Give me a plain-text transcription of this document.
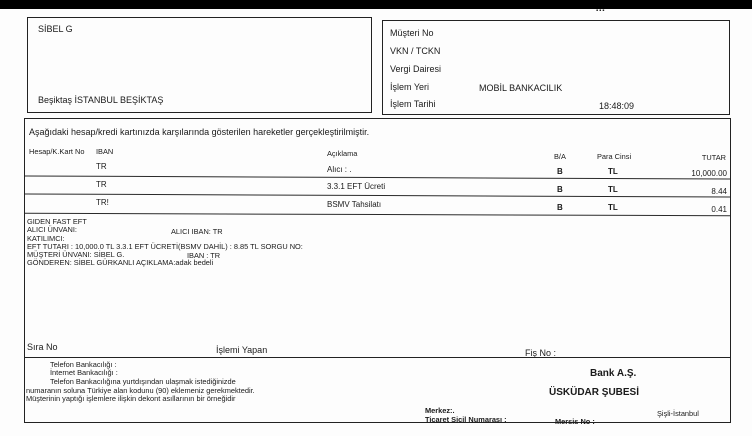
▪▪▪
SİBEL G
Beşiktaş İSTANBUL BEŞİKTAŞ
Müşteri No
VKN / TCKN
Vergi Dairesi
İşlem Yeri	MOBİL BANKACILIK
İşlem Tarihi	18:48:09
Aşağıdaki hesap/kredi kartınızda karşılarında gösterilen hareketler gerçekleştirilmiştir.
Hesap/K.Kart No IBAN	Açıklama	B/A	Para Cinsi	TUTAR
TR	Alıcı : .	B	TL	10,000.00
TR	3.3.1 EFT Ücreti	B	TL	8.44
TR!	BSMV Tahsilatı	B	TL	0.41
GIDEN FAST EFT
ALICI ÜNVANI:	ALICI IBAN: TR
KATILIMCI:
EFT TUTARI : 10,000.0 TL 3.3.1 EFT ÜCRETİ(BSMV DAHİL) : 8.85 TL SORGU NO:
MÜŞTERİ ÜNVANI: SİBEL G.	IBAN : TR
GÖNDEREN: SİBEL GÜRKANLI AÇIKLAMA:adak bedeli
Sıra No	İşlemi Yapan	Fiş No :
Telefon Bankacılığı :
İnternet Bankacılığı :
Telefon Bankacılığına yurtdışından ulaşmak istediğinizde
numaranın soluna Türkiye alan kodunu (90) eklemeniz gerekmektedir.
Müşterinin yaptığı işlemlere ilişkin dekont asıllarının bir örneğidir
Bank A.Ş.
ÜSKÜDAR ŞUBESİ
Merkez:.
Ticaret Sicil Numarası :	Mersis No :
Şişli-İstanbul
